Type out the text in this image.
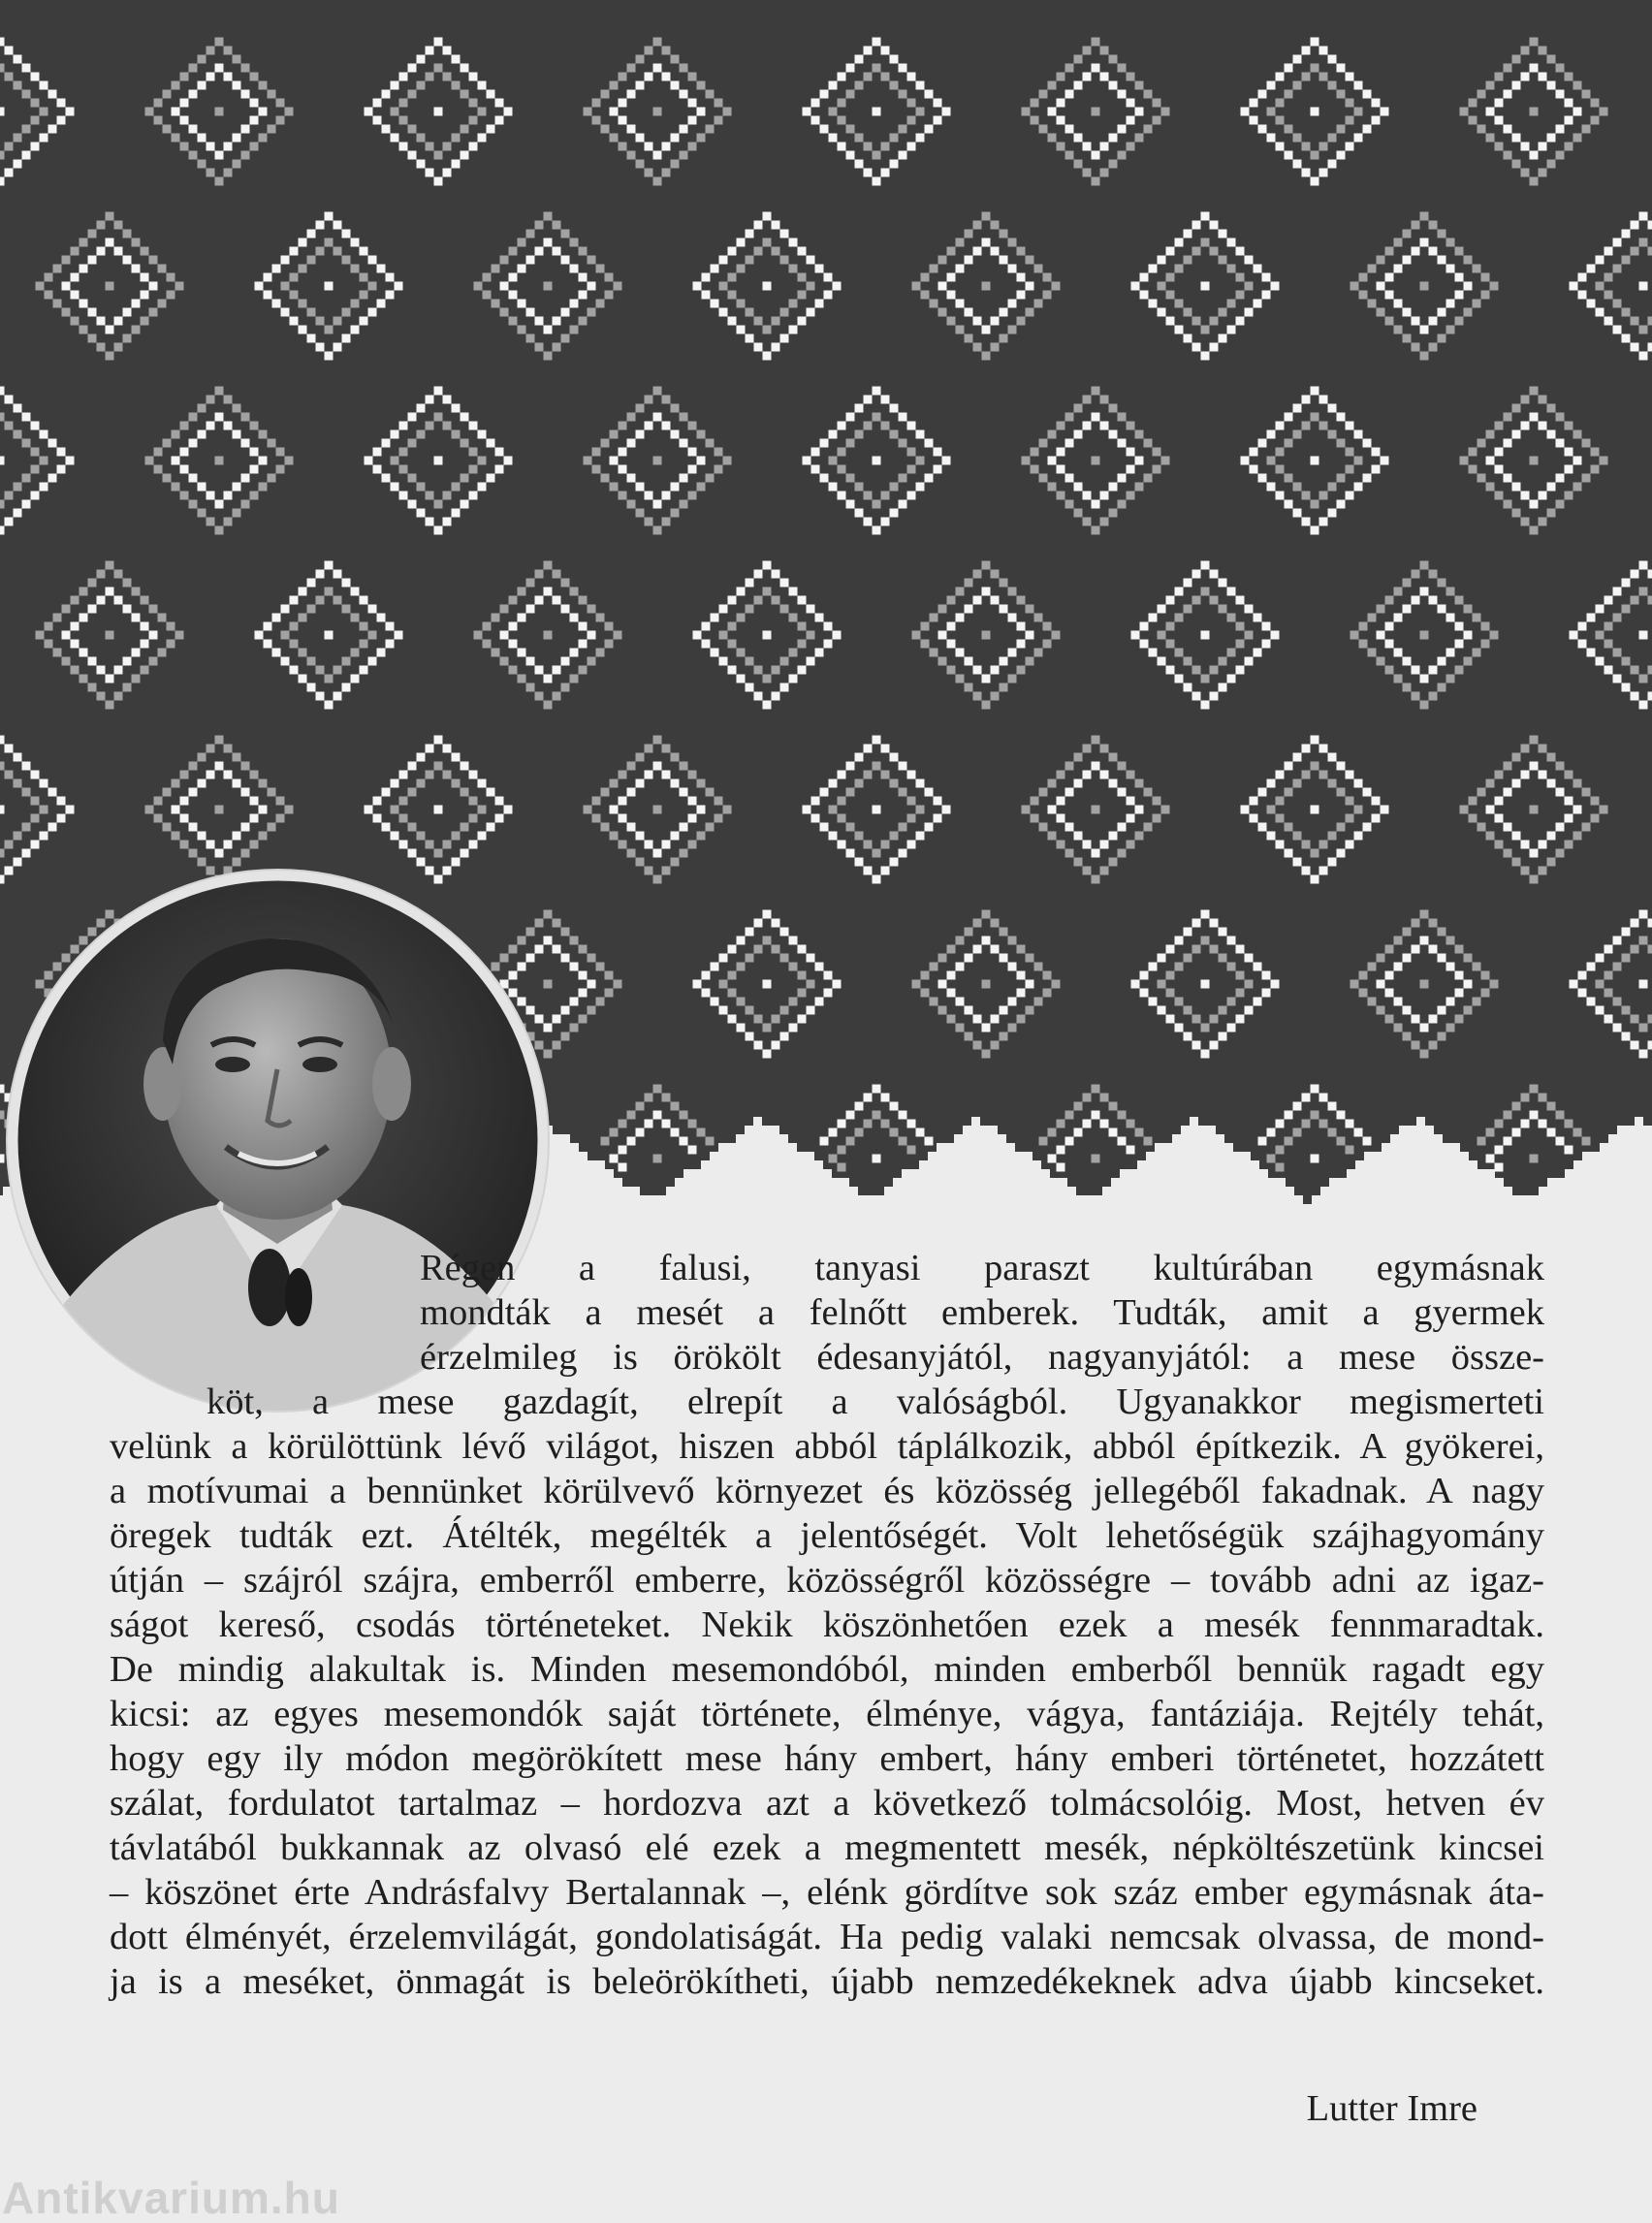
Régen a falusi, tanyasi paraszt kultúrában egymásnak
mondták a mesét a felnőtt emberek. Tudták, amit a gyermek
érzelmileg is örökölt édesanyjától, nagyanyjától: a mese össze-
köt, a mese gazdagít, elrepít a valóságból. Ugyanakkor megismerteti
velünk a körülöttünk lévő világot, hiszen abból táplálkozik, abból építkezik. A gyökerei,
a motívumai a bennünket körülvevő környezet és közösség jellegéből fakadnak. A nagy
öregek tudták ezt. Átélték, megélték a jelentőségét. Volt lehetőségük szájhagyomány
útján – szájról szájra, emberről emberre, közösségről közösségre – tovább adni az igaz-
ságot kereső, csodás történeteket. Nekik köszönhetően ezek a mesék fennmaradtak.
De mindig alakultak is. Minden mesemondóból, minden emberből bennük ragadt egy
kicsi: az egyes mesemondók saját története, élménye, vágya, fantáziája. Rejtély tehát,
hogy egy ily módon megörökített mese hány embert, hány emberi történetet, hozzátett
szálat, fordulatot tartalmaz – hordozva azt a következő tolmácsolóig. Most, hetven év
távlatából bukkannak az olvasó elé ezek a megmentett mesék, népköltészetünk kincsei
– köszönet érte Andrásfalvy Bertalannak –, elénk gördítve sok száz ember egymásnak áta-
dott élményét, érzelemvilágát, gondolatiságát. Ha pedig valaki nemcsak olvassa, de mond-
ja is a meséket, önmagát is beleörökítheti, újabb nemzedékeknek adva újabb kincseket.

Lutter Imre

Antikvarium.hu
